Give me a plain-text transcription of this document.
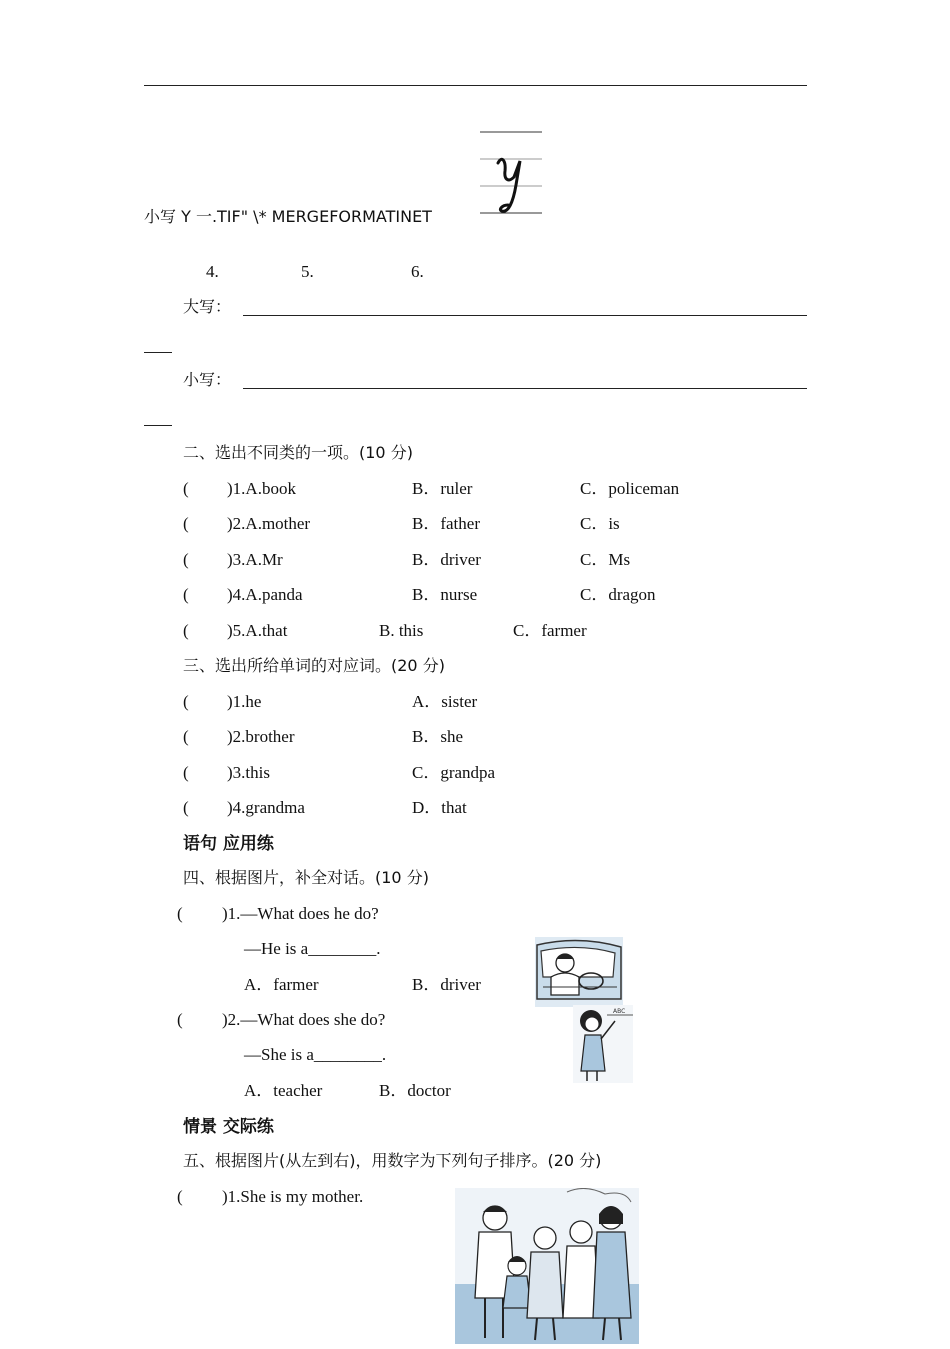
小写 Y 一.TIF" \* MERGEFORMATINET
4.	5.	6.
大写：
小写：
二、选出不同类的一项。(10 分)
( )1.A.book	B．ruler	C．policeman
( )2.A.mother	B．father	C．is
( )3.A.Mr	B．driver	C．Ms
( )4.A.panda	B．nurse	C．dragon
( )5.A.that	B. this	C．farmer
三、选出所给单词的对应词。(20 分)
( )1.he	A．sister
( )2.brother	B．she
( )3.this	C．grandpa
( )4.grandma	D．that
语句 应用练
四、根据图片，补全对话。(10 分)
( )1.—What does he do?
—He is a________.
A．farmer	B．driver
( )2.—What does she do?
—She is a________.
A．teacher	B．doctor
ABC
情景 交际练
五、根据图片(从左到右)，用数字为下列句子排序。(20 分)
( )1.She is my mother.
